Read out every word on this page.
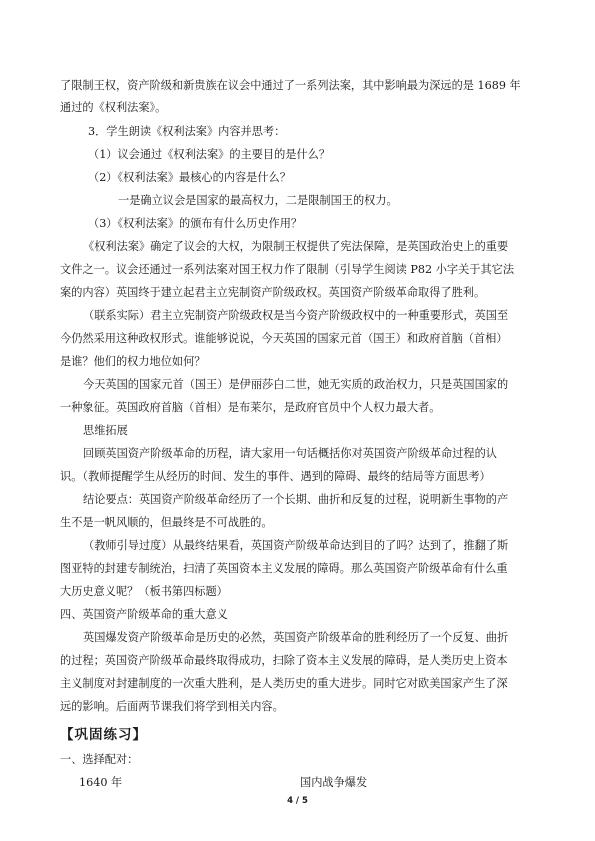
了限制王权，资产阶级和新贵族在议会中通过了一系列法案，其中影响最为深远的是 1689 年
通过的《权利法案》。
3．学生朗读《权利法案》内容并思考：
（1）议会通过《权利法案》的主要目的是什么？
（2）《权利法案》最核心的内容是什么？
一是确立议会是国家的最高权力，二是限制国王的权力。
（3）《权利法案》的颁布有什么历史作用？
《权利法案》确定了议会的大权，为限制王权提供了宪法保障，是英国政治史上的重要
文件之一。议会还通过一系列法案对国王权力作了限制（引导学生阅读 P82 小字关于其它法
案的内容）英国终于建立起君主立宪制资产阶级政权。英国资产阶级革命取得了胜利。
（联系实际）君主立宪制资产阶级政权是当今资产阶级政权中的一种重要形式，英国至
今仍然采用这种政权形式。谁能够说说，今天英国的国家元首（国王）和政府首脑（首相）
是谁？他们的权力地位如何？
今天英国的国家元首（国王）是伊丽莎白二世，她无实质的政治权力，只是英国国家的
一种象征。英国政府首脑（首相）是布莱尔，是政府官员中个人权力最大者。
思维拓展
回顾英国资产阶级革命的历程，请大家用一句话概括你对英国资产阶级革命过程的认
识。（教师提醒学生从经历的时间、发生的事件、遇到的障碍、最终的结局等方面思考）
结论要点：英国资产阶级革命经历了一个长期、曲折和反复的过程，说明新生事物的产
生不是一帆风顺的，但最终是不可战胜的。
（教师引导过度）从最终结果看，英国资产阶级革命达到目的了吗？达到了，推翻了斯
图亚特的封建专制统治，扫清了英国资本主义发展的障碍。那么英国资产阶级革命有什么重
大历史意义呢？（板书第四标题）
四、英国资产阶级革命的重大意义
英国爆发资产阶级革命是历史的必然，英国资产阶级革命的胜利经历了一个反复、曲折
的过程；英国资产阶级革命最终取得成功，扫除了资本主义发展的障碍，是人类历史上资本
主义制度对封建制度的一次重大胜利，是人类历史的重大进步。同时它对欧美国家产生了深
远的影响。后面两节课我们将学到相关内容。
【巩固练习】
一、选择配对：
1640 年	国内战争爆发
4 / 5
